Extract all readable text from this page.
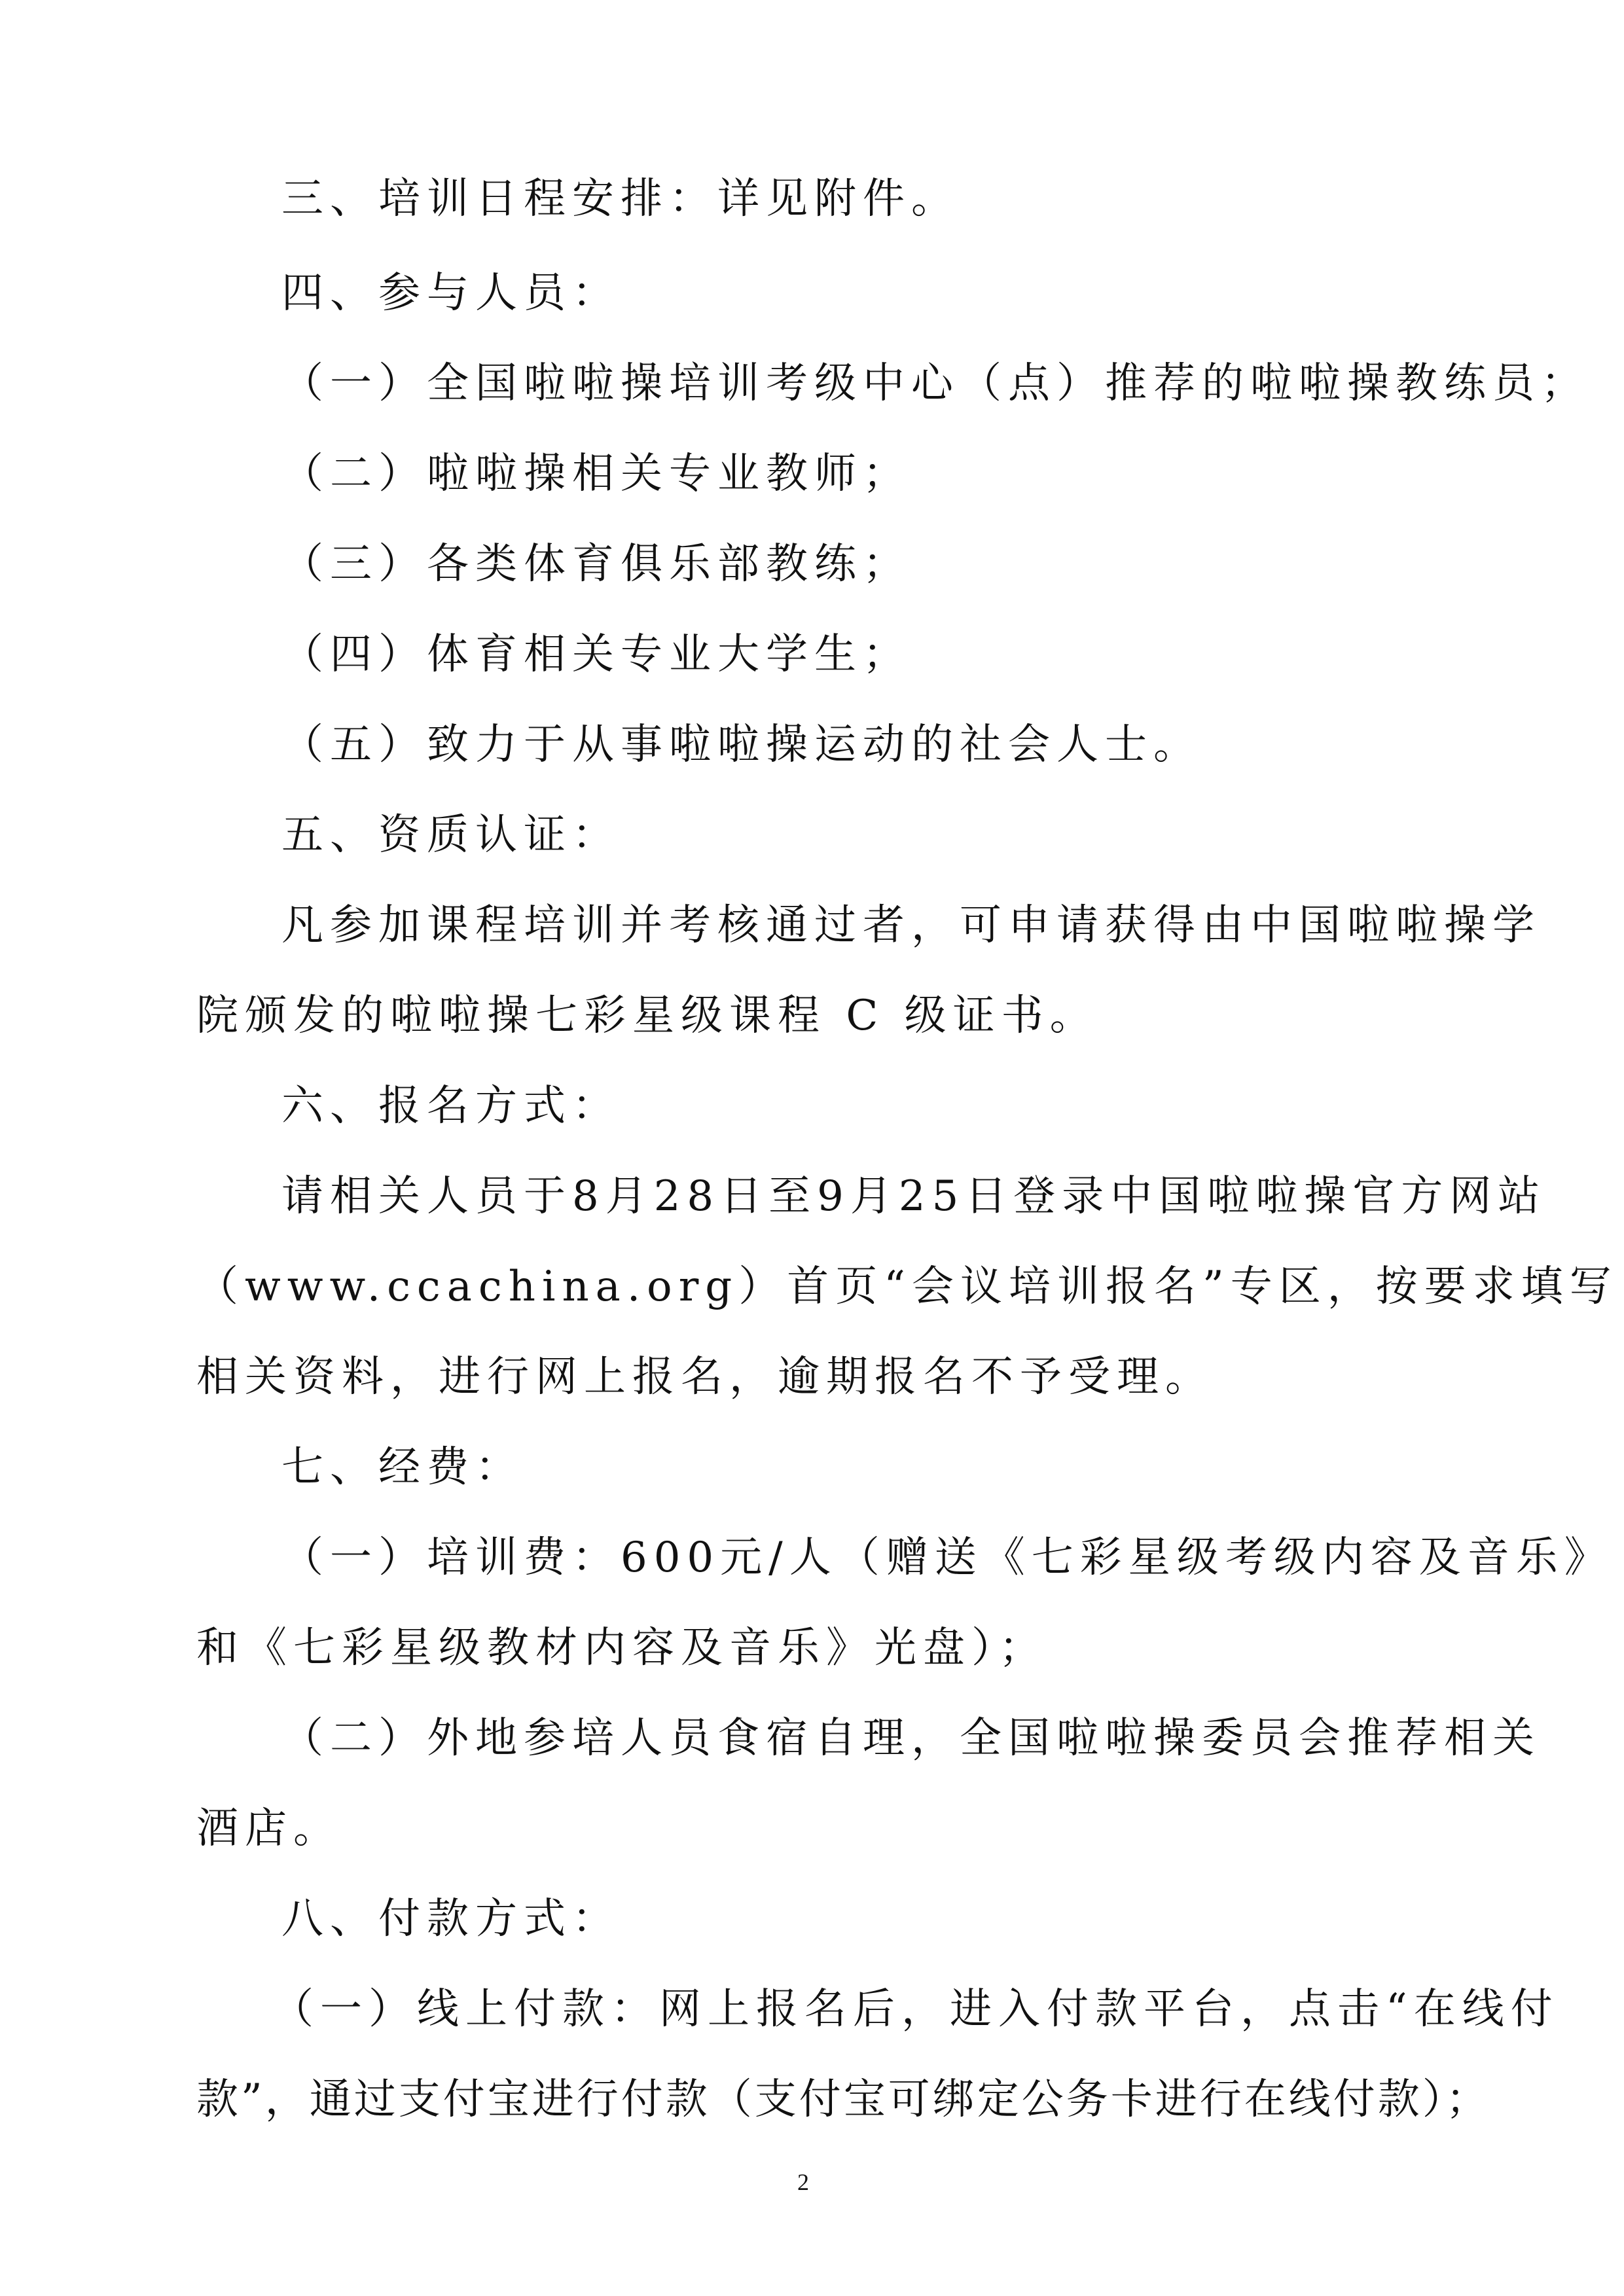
三、培训日程安排：详见附件。
四、参与人员：
（一）全国啦啦操培训考级中心（点）推荐的啦啦操教练员；
（二）啦啦操相关专业教师；
（三）各类体育俱乐部教练；
（四）体育相关专业大学生；
（五）致力于从事啦啦操运动的社会人士。
五、资质认证：
凡参加课程培训并考核通过者，可申请获得由中国啦啦操学
院颁发的啦啦操七彩星级课程 C 级证书。
六、报名方式：
请相关人员于8月28日至9月25日登录中国啦啦操官方网站
（www.ccachina.org）首页“会议培训报名”专区，按要求填写
相关资料，进行网上报名，逾期报名不予受理。
七、经费：
（一）培训费：600元/人（赠送《七彩星级考级内容及音乐》
和《七彩星级教材内容及音乐》光盘）；
（二）外地参培人员食宿自理，全国啦啦操委员会推荐相关
酒店。
八、付款方式：
（一）线上付款：网上报名后，进入付款平台，点击“在线付
款”，通过支付宝进行付款（支付宝可绑定公务卡进行在线付款）；
2
